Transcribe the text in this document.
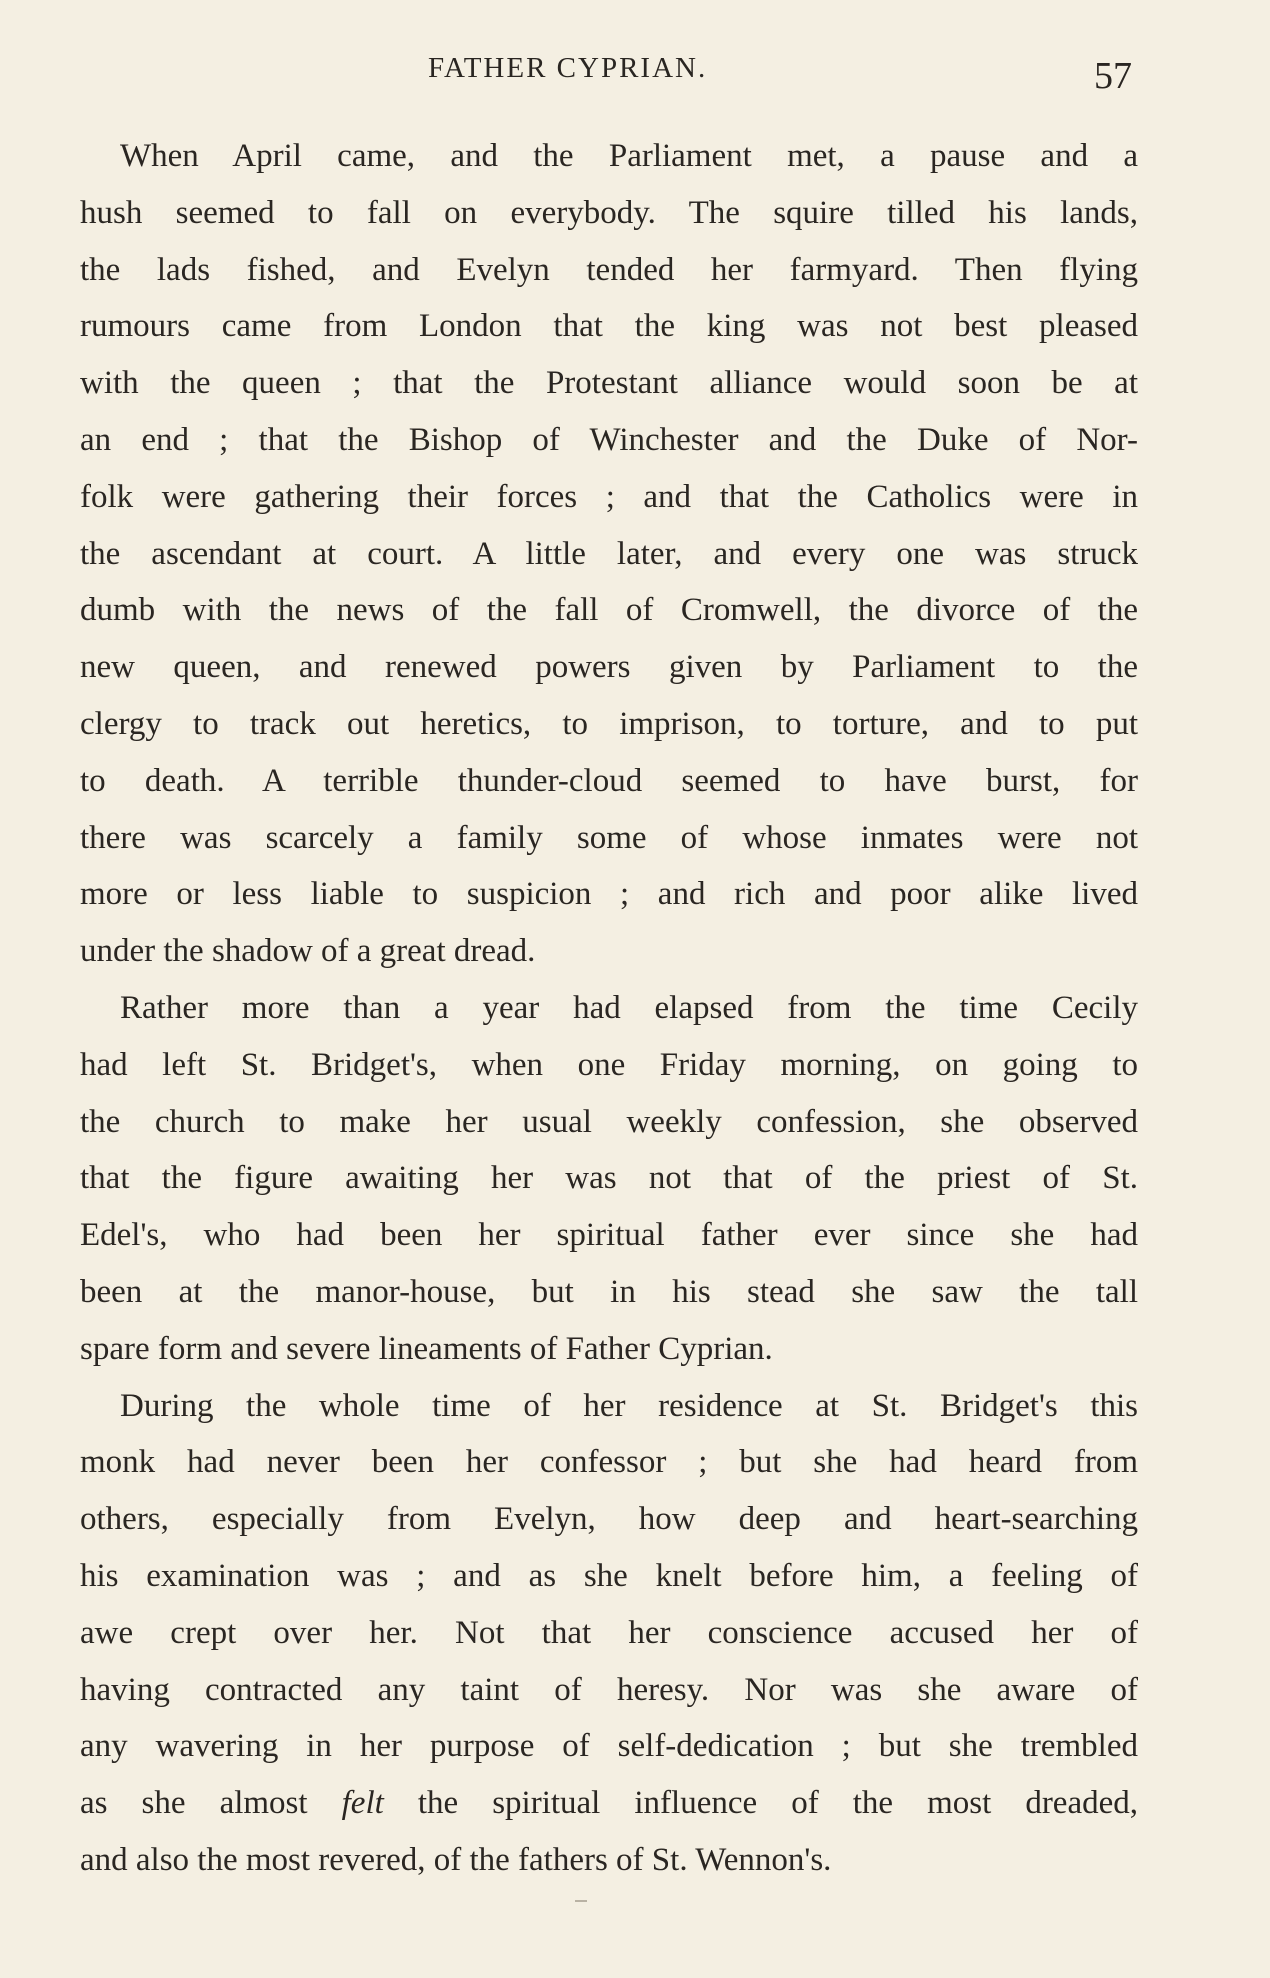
FATHER CYPRIAN.	57
When April came, and the Parliament met, a pause and a
hush seemed to fall on everybody. The squire tilled his lands,
the lads fished, and Evelyn tended her farmyard. Then flying
rumours came from London that the king was not best pleased
with the queen ; that the Protestant alliance would soon be at
an end ; that the Bishop of Winchester and the Duke of Nor-
folk were gathering their forces ; and that the Catholics were in
the ascendant at court. A little later, and every one was struck
dumb with the news of the fall of Cromwell, the divorce of the
new queen, and renewed powers given by Parliament to the
clergy to track out heretics, to imprison, to torture, and to put
to death. A terrible thunder-cloud seemed to have burst, for
there was scarcely a family some of whose inmates were not
more or less liable to suspicion ; and rich and poor alike lived
under the shadow of a great dread.
Rather more than a year had elapsed from the time Cecily
had left St. Bridget's, when one Friday morning, on going to
the church to make her usual weekly confession, she observed
that the figure awaiting her was not that of the priest of St.
Edel's, who had been her spiritual father ever since she had
been at the manor-house, but in his stead she saw the tall
spare form and severe lineaments of Father Cyprian.
During the whole time of her residence at St. Bridget's this
monk had never been her confessor ; but she had heard from
others, especially from Evelyn, how deep and heart-searching
his examination was ; and as she knelt before him, a feeling of
awe crept over her. Not that her conscience accused her of
having contracted any taint of heresy. Nor was she aware of
any wavering in her purpose of self-dedication ; but she trembled
as she almost felt the spiritual influence of the most dreaded,
and also the most revered, of the fathers of St. Wennon's.
